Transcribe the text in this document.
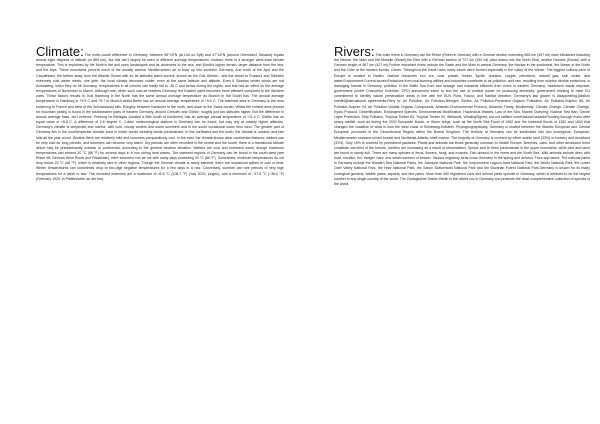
Climate:The north–south difference in Germany, between 55°03″N (at List on Sylt) and 47°16″N (around Oberstdorf, Bavaria) equals almost eight degrees of latitude (or 889 km), but this can't largely be seen in different average temperatures. Instead, there is a stronger west–east climate temperature. This is explained by the North's flat and open landscapes and its closeness to the sea, and South's higher terrain, larger distance from the sea, and the Alps. These mountains prevent much of the usually warmer Mediterranean air to blow up into southern Germany. And north of the Alps and the Carpathians, the farther away from the Atlantic Ocean with for its latitudes warm current, known as the Gulf Stream - and the closer to Russia's and Siberia's extremely cold winter winds, one gets, the local climate becomes colder, even at the same latitude and altitude. Even if Siberian winter winds are not dominating, when they do hit Germany, temperatures in all corners can easily fall to -30 C and below during the nights, and this has an effect on the average temperatures of November to March. Although rare, when such cold air reaches Germany, the Eastern parts becomes more affected compared to the Western parts. These factors results in, that Hamburg in the North has the same annual average temperature as Munich in the South has. The annual average temperature in Hamburg is +9.5 C and +9.7 in Munich whilst Berlin has an annual average temperature of +9.9 C. The warmest area in Germany is the area bordering to France and west of the Schwarzwald hills. Roughly between Karlsruhe in the north, and down to the Swiss border. Whilst the coldest area (except for mountain peaks) is found in the southeastern parts of eastern Germany, around Dresden and Görlitz; roughly just two latitudes higher. But the difference in annual average base, isn't extreme. Freiburg im Breisgau (located a little south of Karlsruhe) has an average annual temperature of +11.4 C, Görlitz has an equal value of +8.8 C. A difference of 2.6 degree C. Colder meteorological stations in Germany can be found, but may rely at notably higher altitudes. Germany's climate is temperate and marine, with cold, cloudy winters and warm summers and in the south occasional warm föhn wind. The greater part of Germany lies in the cool/temperate climatic zone in which humid westerly winds predominate. In the northwest and the north, the climate is oceanic and rain falls all the year round. Winters there are relatively mild and summers comparatively cool. In the east, the climate shows clear continental features; winters can be very cold for long periods, and summers can become very warm. Dry periods are often recorded in the centre and the south; there is a transitional climate which may be predominantly oceanic or continental, according to the general weather situation. Winters are cool and summers warm, though maximum temperatures can exceed 30 °C (86 °F) for several days in a row during heat waves. The warmest regions of Germany can be found in the south-west (see Rhine rift, German Wine Route and Palatinate). Here summers can be hot with many days exceeding 30 °C (86 °F). Sometimes, minimum temperatures do not drop below 20 °C (68 °F), which is relatively rare in other regions. Though the German climate is rarely extreme, there are occasional spikes of cold or heat. Winter temperatures can sometimes drop to two-digit negative temperatures for a few days in a row. Conversely, summer can see periods of very high temperatures for a week or two. The recorded extremes are a maximum of 42.6 °C (108.7 °F) (July 2019, Lingen), and a minimum of −37.8 °C (−36.0 °F) (February 1929, in Pfaffenhofen an der Ilm).
Rivers:The main rivers in Germany are the Rhine (Rhein in German) with a German section extending 865 km (537 mi) main tributaries including the Neckar, the Main and the Moselle (Mosel);the Elbe with a German section of 727 km (452 mi) (also drains into the North Sea), andthe Danube (Donau) with a German length of 687 km (427 mi).Further important rivers include the Saale and the Main in central Germany, the Neckar in the southwest, the Weser in the North and the Oder at the eastern border. Caves: Throughout the Karst rocks many caves were formed especially in the valley of the Winter. The biggest cultural cave of Europe is located in Baden. Natural resources iron ore, coal, potash, timber, lignite, uranium, copper, petroleum, natural gas, salt, nickel, and water.Environment:Current issues:Emissions from coal-burning utilities and industries contribute to air pollution; acid rain, resulting from sulphur dioxide emissions, is damaging forests in Germany; pollution in the Baltic Sea from raw sewage and industrial effluents from rivers in eastern Germany; hazardous waste disposal; government (under Chancellor Schröder, SPD) announced intent to end the use of nuclear power for producing electricity; government working to meet EU commitment to identify nature preservation areas in line with the EU's Flora, Fauna, and Habitat directive. Germany's last glacier is disappearing.]citation needed]International agreements:Party to: Air Pollution, Air Pollution-Nitrogen Oxides, Air Pollution-Persistent Organic Pollutants, Air Pollution-Sulphur 85, Air Pollution-Sulphur 94, Air Pollution-Volatile Organic Compounds, Antarctic-Environmental Protocol, Antarctic Treaty, Biodiversity, Climate Change, Climate Change-Kyoto Protocol, Desertification, Endangered Species, Environmental Modification, Hazardous Wastes, Law of the Sea, Marine Dumping, Nuclear Test Ban, Ozone Layer Protection, Ship Pollution, Tropical Timber 83, Tropical Timber 94, Wetlands, WhalingSigned, but not ratified: noneNatural hazardsFlooding through rivers after heavy rainfall, such as during the 2002 European floods, or Storm surge, such as the North Sea Flood of 1962 and the historical floods of 1362 and 1634 that changed the coastline of what is now the west coast of Schleswig-Holstein. Phytogeographically, Germany is shared between the Atlantic European and Central European provinces of the Circumboreal Region within the Boreal Kingdom. The territory of Germany can be subdivided into two ecoregions: European-Mediterranean montane mixed forests and Northeast-Atlantic shelf marine. The majority of Germany is covered by either arable land (33%) or forestry and woodland (31%). Only 15% is covered by permanent pastures. Plants and animals are those generally common to middle Europe. Beeches, oaks, and other deciduous trees constitute one-third of the forests; conifers are increasing as a result of reforestation. Spruce and fir trees predominate in the upper mountains, while pine and larch are found in sandy soil. There are many species of ferns, flowers, fungi, and mosses. Fish abound in the rivers and the North Sea. Wild animals include deer, wild boar, mouflon, fox, badger, hare, and small numbers of beaver. Various migratory birds cross Germany in the spring and autumn. Flora and fauna: The national parks in Germany include the Wadden Sea National Parks, the Jasmund National Park, the Vorpommern Lagoon Area National Park, the Müritz National Park, the Lower Oder Valley National Park, the Harz National Park, the Saxon Switzerland National Park and the Bavarian Forest National Park.Germany is known for its many zoological gardens, wildlife parks, aquaria, and bird parks. More than 400 registered zoos and animal parks operate in Germany, which is believed to be the largest number in any single country of the world. The Zoologischer Garten Berlin is the oldest zoo in Germany and presents the most comprehensive collection of species in the world.
